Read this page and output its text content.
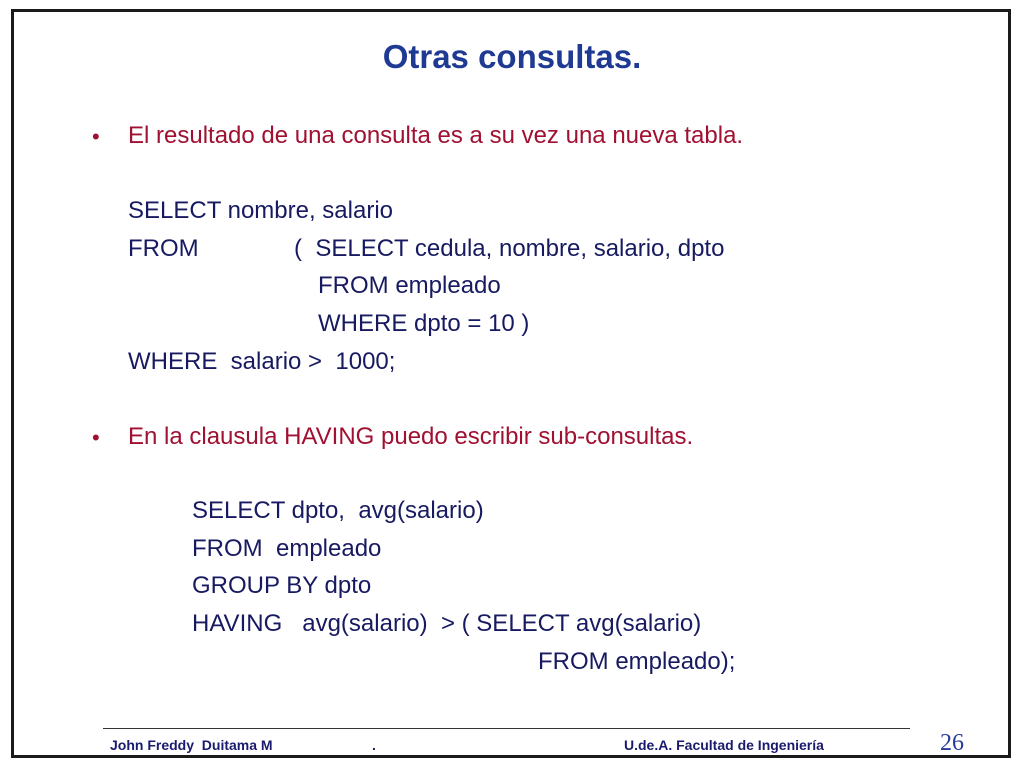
Otras consultas.
• El resultado de una consulta es a su vez una nueva tabla.
SELECT nombre, salario
FROM	(  SELECT cedula, nombre, salario, dpto
FROM empleado
WHERE dpto = 10 )
WHERE  salario >  1000;
• En la clausula HAVING puedo escribir sub-consultas.
SELECT dpto,  avg(salario)
FROM  empleado
GROUP BY dpto
HAVING   avg(salario)  > ( SELECT avg(salario)
FROM empleado);
John Freddy  Duitama M	.	U.de.A. Facultad de Ingeniería	26
